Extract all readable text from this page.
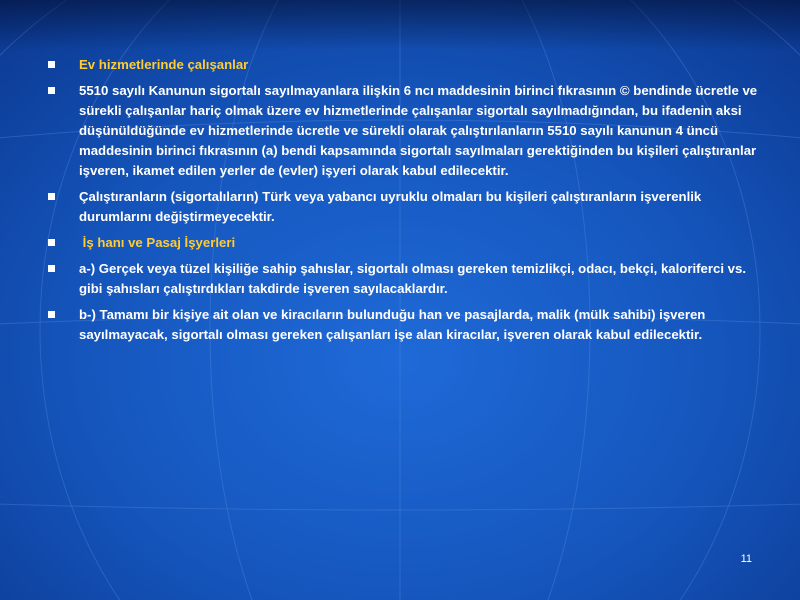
Ev hizmetlerinde çalışanlar
5510 sayılı Kanunun sigortalı sayılmayanlara ilişkin 6 ncı maddesinin birinci fıkrasının © bendinde ücretle ve sürekli çalışanlar hariç olmak üzere ev hizmetlerinde çalışanlar sigortalı sayılmadığından, bu ifadenin aksi düşünüldüğünde ev hizmetlerinde ücretle ve sürekli olarak çalıştırılanların 5510 sayılı kanunun 4 üncü maddesinin birinci fıkrasının (a) bendi kapsamında sigortalı sayılmaları gerektiğinden bu kişileri çalıştıranlar işveren, ikamet edilen yerler de (evler) işyeri olarak kabul edilecektir.
Çalıştıranların (sigortalıların) Türk veya yabancı uyruklu olmaları bu kişileri çalıştıranların işverenlik durumlarını değiştirmeyecektir.
İş hanı ve Pasaj İşyerleri
a-) Gerçek veya tüzel kişiliğe sahip şahıslar, sigortalı olması gereken temizlikçi, odacı, bekçi, kaloriferci vs. gibi şahısları çalıştırdıkları takdirde işveren sayılacaklardır.
b-) Tamamı bir kişiye ait olan ve kiracıların bulunduğu han ve pasajlarda, malik (mülk sahibi) işveren sayılmayacak, sigortalı olması gereken çalışanları işe alan kiracılar, işveren olarak kabul edilecektir.
11
